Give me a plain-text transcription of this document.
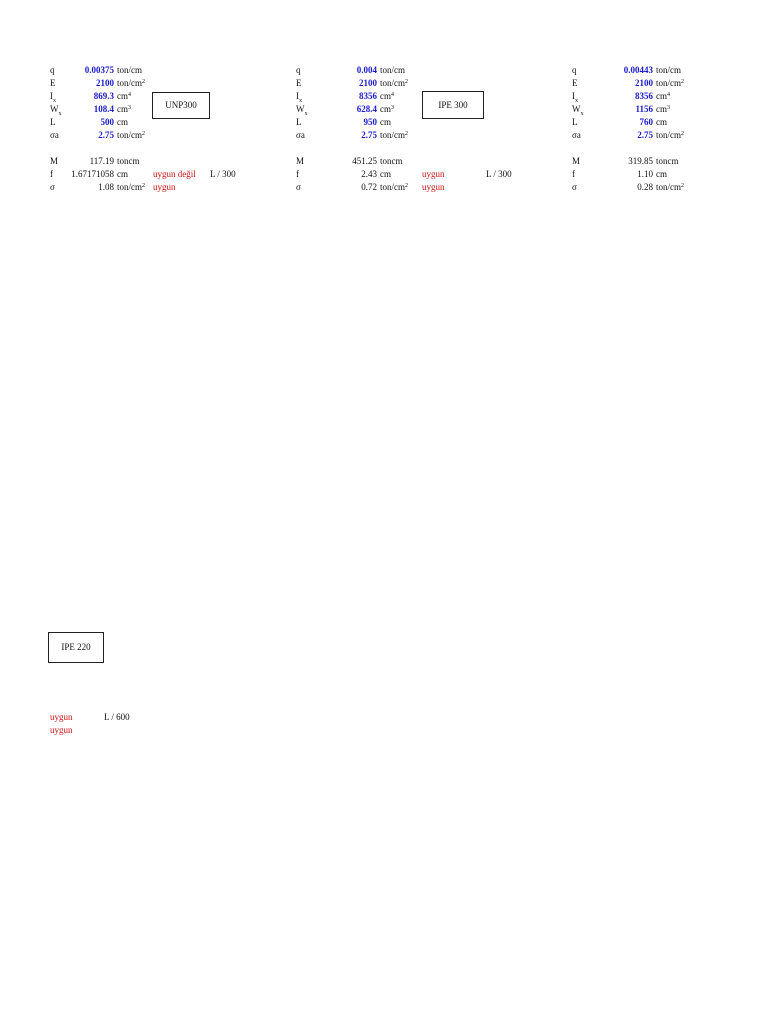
q	0.00375 ton/cm
E	2100 ton/$cm^2$
$I_x$	869.3 $cm^4$
$W_x$	108.4 $cm^3$
L	500 cm
σa	2.75 ton/$cm^2$
M	117.19 toncm
f	1.67171058 cm	uygun değil L / 300
σ	1.08 ton/$cm^2$ uygun
UNP300
q	0.004 ton/cm
E	2100 ton/$cm^2$
$I_x$	8356 $cm^4$
$W_x$	628.4 $cm^3$
L	950 cm
σa	2.75 ton/$cm^2$
M	451.25 toncm
f	2.43 cm	uygun	L / 300
σ	0.72 ton/$cm^2$ uygun
IPE 300
q	0.00443 ton/cm
E	2100 ton/$cm^2$
$I_x$	8356 $cm^4$
$W_x$	1156 $cm^3$
L	760 cm
σa	2.75 ton/$cm^2$
M	319.85 toncm
f	1.10 cm
σ	0.28 ton/$cm^2$
IPE 220
uygun	L / 600
uygun
